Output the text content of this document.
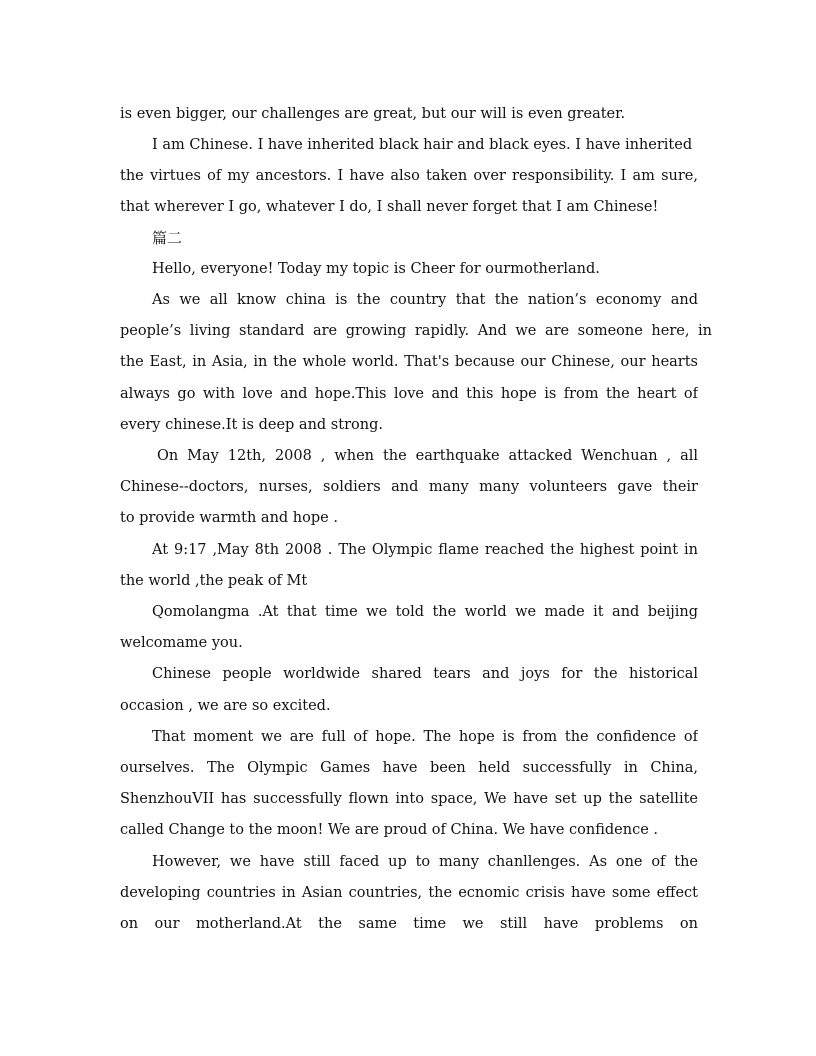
is even bigger, our challenges are great, but our will is even greater.
I am Chinese. I have inherited black hair and black eyes. I have inherited
the virtues of my ancestors. I have also taken over responsibility. I am sure,
that wherever I go, whatever I do, I shall never forget that I am Chinese!
篇二
Hello, everyone! Today my topic is Cheer for ourmotherland.
As we all know china is the country that the nation’s economy and
people’s living standard are growing rapidly. And we are someone here, in
the East, in Asia, in the whole world. That's because our Chinese, our hearts
always go with love and hope.This love and this hope is from the heart of
every chinese.It is deep and strong.
On May 12th, 2008 , when the earthquake attacked Wenchuan , all
Chinese--doctors, nurses, soldiers and many many volunteers gave their
to provide warmth and hope .
At 9:17 ,May 8th 2008 . The Olympic flame reached the highest point in
the world ,the peak of Mt
Qomolangma .At that time we told the world we made it and beijing
welcomame you.
Chinese people worldwide shared tears and joys for the historical
occasion , we are so excited.
That moment we are full of hope. The hope is from the confidence of
ourselves. The Olympic Games have been held successfully in China,
ShenzhouVII has successfully flown into space, We have set up the satellite
called Change to the moon! We are proud of China. We have confidence .
However, we have still faced up to many chanllenges. As one of the
developing countries in Asian countries, the ecnomic crisis have some effect
on our motherland.At the same time we still have problems on
